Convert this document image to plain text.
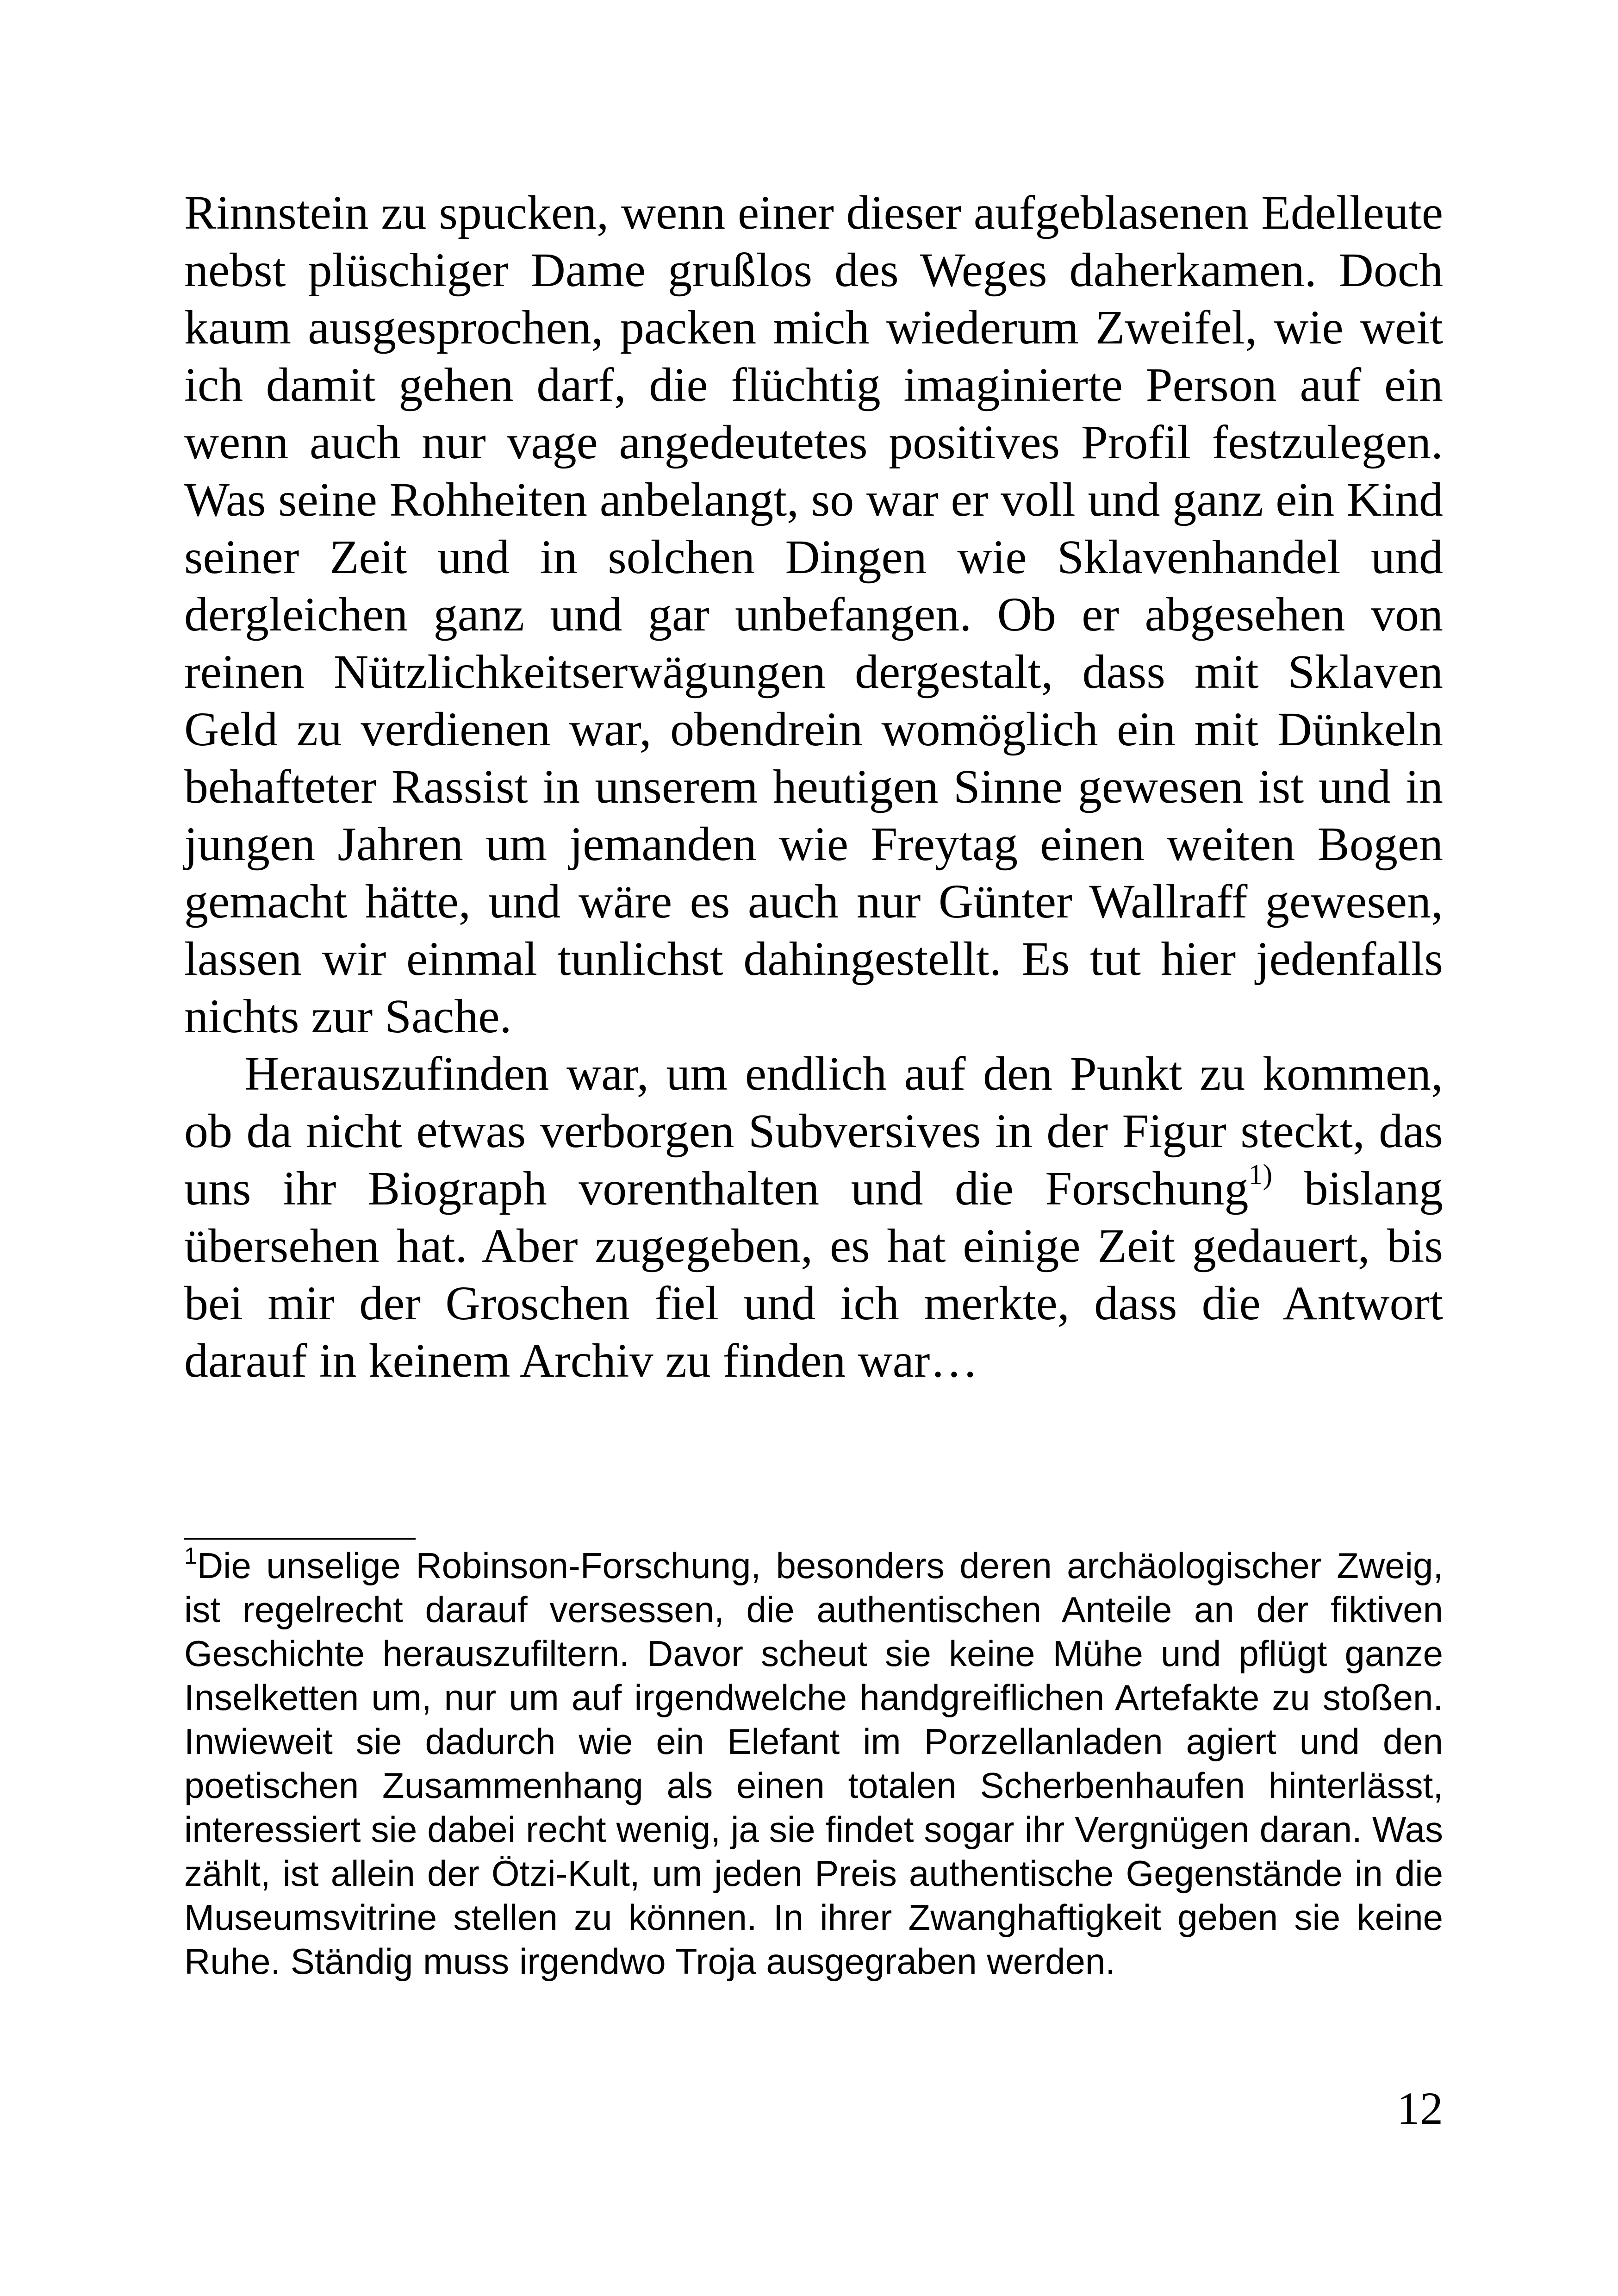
Rinnstein zu spucken, wenn einer dieser aufgeblasenen Edelleute nebst plüschiger Dame grußlos des Weges daherkamen. Doch kaum ausgesprochen, packen mich wiederum Zweifel, wie weit ich damit gehen darf, die flüchtig imaginierte Person auf ein wenn auch nur vage angedeutetes positives Profil festzulegen. Was seine Rohheiten anbelangt, so war er voll und ganz ein Kind seiner Zeit und in solchen Dingen wie Sklavenhandel und dergleichen ganz und gar unbefangen. Ob er abgesehen von reinen Nützlichkeitserwägungen dergestalt, dass mit Sklaven Geld zu verdienen war, obendrein womöglich ein mit Dünkeln behafteter Rassist in unserem heutigen Sinne gewesen ist und in jungen Jahren um jemanden wie Freytag einen weiten Bogen gemacht hätte, und wäre es auch nur Günter Wallraff gewesen, lassen wir einmal tunlichst dahingestellt. Es tut hier jedenfalls nichts zur Sache.

Herauszufinden war, um endlich auf den Punkt zu kommen, ob da nicht etwas verborgen Subversives in der Figur steckt, das uns ihr Biograph vorenthalten und die Forschung$^{1)}$ bislang übersehen hat. Aber zugegeben, es hat einige Zeit gedauert, bis bei mir der Groschen fiel und ich merkte, dass die Antwort darauf in keinem Archiv zu finden war…

$^1$Die unselige Robinson-Forschung, besonders deren archäologischer Zweig, ist regelrecht darauf versessen, die authentischen Anteile an der fiktiven Geschichte herauszufiltern. Davor scheut sie keine Mühe und pflügt ganze Inselketten um, nur um auf irgendwelche handgreiflichen Artefakte zu stoßen. Inwieweit sie dadurch wie ein Elefant im Porzellanladen agiert und den poetischen Zusammenhang als einen totalen Scherbenhaufen hinterlässt, interessiert sie dabei recht wenig, ja sie findet sogar ihr Vergnügen daran. Was zählt, ist allein der Ötzi-Kult, um jeden Preis authentische Gegenstände in die Museumsvitrine stellen zu können. In ihrer Zwanghaftigkeit geben sie keine Ruhe. Ständig muss irgendwo Troja ausgegraben werden.

12
